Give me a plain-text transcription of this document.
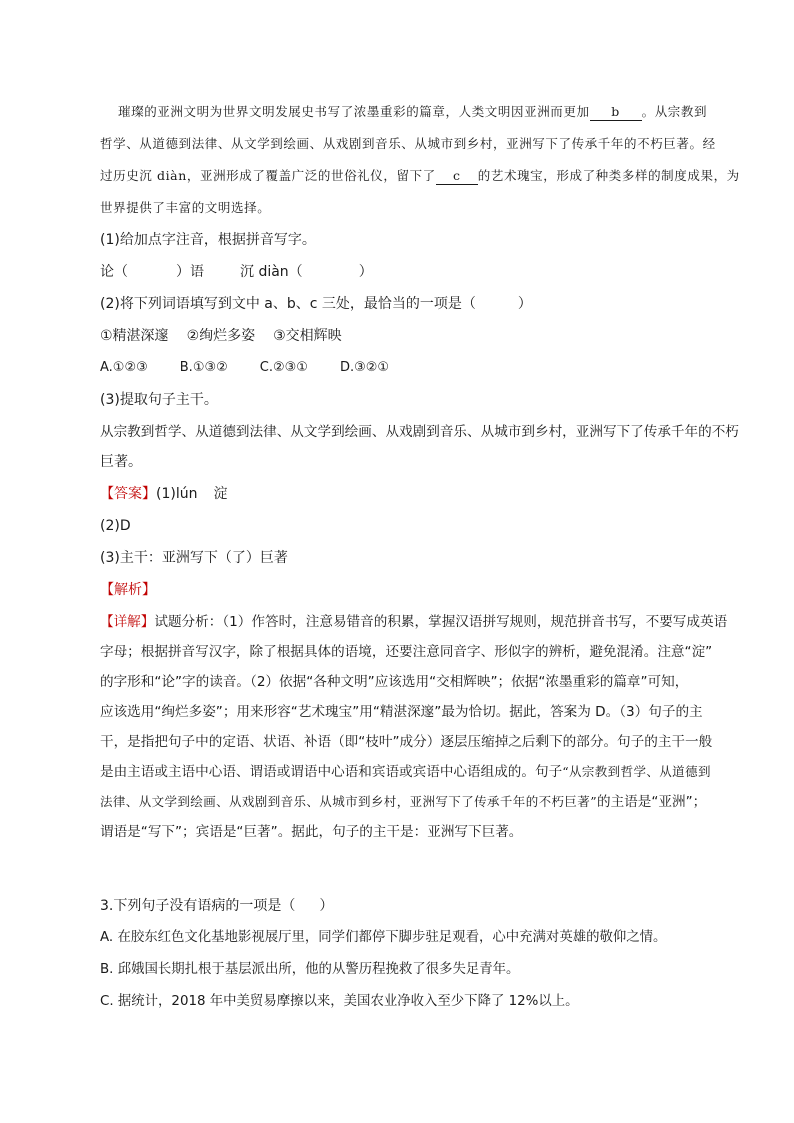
璀璨的亚洲文明为世界文明发展史书写了浓墨重彩的篇章，人类文明因亚洲而更加 b 。从宗教到
哲学、从道德到法律、从文学到绘画、从戏剧到音乐、从城市到乡村，亚洲写下了传承千年的不朽巨著。经
过历史沉 diàn，亚洲形成了覆盖广泛的世俗礼仪，留下了 c 的艺术瑰宝，形成了种类多样的制度成果，为
世界提供了丰富的文明选择。
(1)给加点字注音，根据拼音写字。
论（	）语	沉 diàn（	）
(2)将下列词语填写到文中 a、b、c 三处，最恰当的一项是（	）
①精湛深邃 ②绚烂多姿 ③交相辉映
A.①②③ B.①③② C.②③① D.③②①
(3)提取句子主干。
从宗教到哲学、从道德到法律、从文学到绘画、从戏剧到音乐、从城市到乡村，亚洲写下了传承千年的不朽
巨著。
【答案】(1)lún 淀
(2)D
(3)主干：亚洲写下（了）巨著
【解析】
【详解】试题分析：（1）作答时，注意易错音的积累，掌握汉语拼写规则，规范拼音书写，不要写成英语
字母；根据拼音写汉字，除了根据具体的语境，还要注意同音字、形似字的辨析，避免混淆。注意“淀”
的字形和“论”字的读音。（2）依据“各种文明”应该选用“交相辉映”；依据“浓墨重彩的篇章”可知，
应该选用“绚烂多姿”；用来形容“艺术瑰宝”用“精湛深邃”最为恰切。据此，答案为 D。（3）句子的主
干，是指把句子中的定语、状语、补语（即“枝叶”成分）逐层压缩掉之后剩下的部分。句子的主干一般
是由主语或主语中心语、谓语或谓语中心语和宾语或宾语中心语组成的。句子“从宗教到哲学、从道德到
法律、从文学到绘画、从戏剧到音乐、从城市到乡村，亚洲写下了传承千年的不朽巨著”的主语是“亚洲”；
谓语是“写下”；宾语是“巨著”。据此，句子的主干是：亚洲写下巨著。
3.下列句子没有语病的一项是（ ）
A. 在胶东红色文化基地影视展厅里，同学们都停下脚步驻足观看，心中充满对英雄的敬仰之情。
B. 邱娥国长期扎根于基层派出所，他的从警历程挽救了很多失足青年。
C. 据统计，2018 年中美贸易摩擦以来，美国农业净收入至少下降了 12%以上。
